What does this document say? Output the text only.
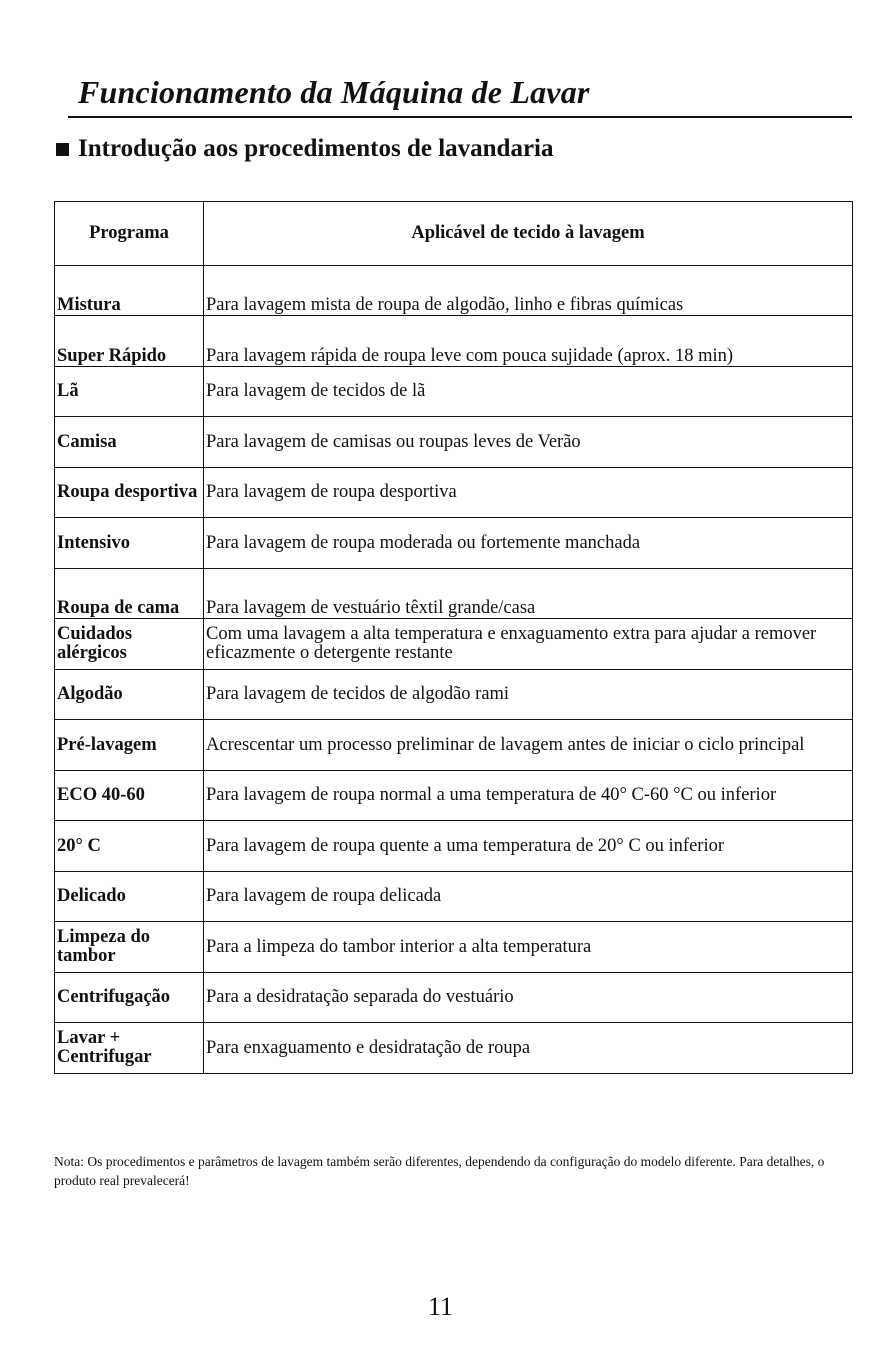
Funcionamento da Máquina de Lavar
Introdução aos procedimentos de lavandaria
Programa	Aplicável de tecido à lavagem
Mistura	Para lavagem mista de roupa de algodão, linho e fibras químicas
Super Rápido	Para lavagem rápida de roupa leve com pouca sujidade (aprox. 18 min)
Lã	Para lavagem de tecidos de lã
Camisa	Para lavagem de camisas ou roupas leves de Verão
Roupa desportiva	Para lavagem de roupa desportiva
Intensivo	Para lavagem de roupa moderada ou fortemente manchada
Roupa de cama	Para lavagem de vestuário têxtil grande/casa
Cuidados alérgicos	Com uma lavagem a alta temperatura e enxaguamento extra para ajudar a remover eficazmente o detergente restante
Algodão	Para lavagem de tecidos de algodão rami
Pré-lavagem	Acrescentar um processo preliminar de lavagem antes de iniciar o ciclo principal
ECO 40-60	Para lavagem de roupa normal a uma temperatura de 40° C-60 °C ou inferior
20° C	Para lavagem de roupa quente a uma temperatura de 20° C ou inferior
Delicado	Para lavagem de roupa delicada
Limpeza do tambor	Para a limpeza do tambor interior a alta temperatura
Centrifugação	Para a desidratação separada do vestuário
Lavar + Centrifugar	Para enxaguamento e desidratação de roupa
Nota: Os procedimentos e parâmetros de lavagem também serão diferentes, dependendo da configuração do modelo diferente. Para detalhes, o produto real prevalecerá!
11
